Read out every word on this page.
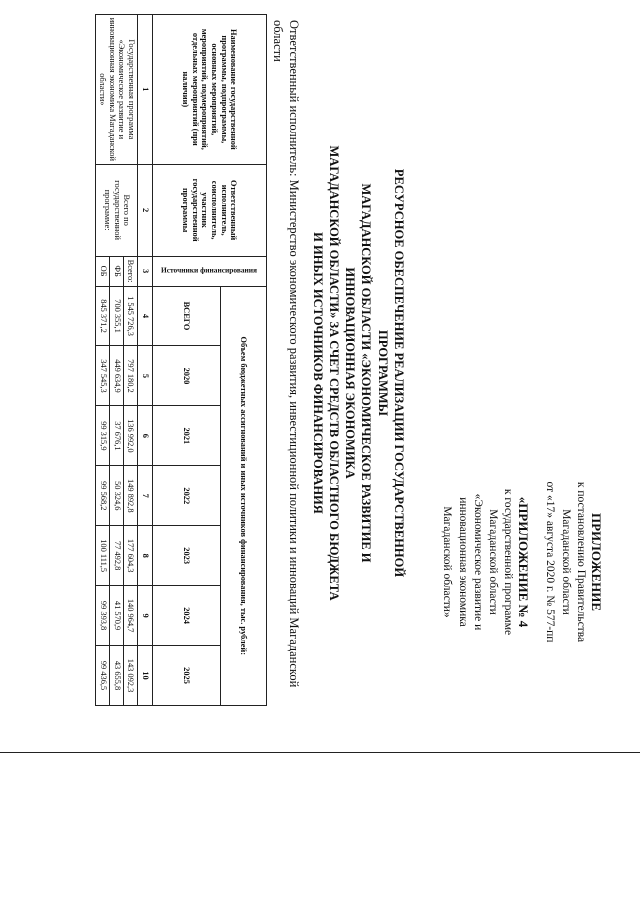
ПРИЛОЖЕНИЕ
к постановлению Правительства
Магаданской области
от «17» августа 2020 г. № 577-пп
«ПРИЛОЖЕНИЕ № 4
к государственной программе
Магаданской области
«Экономическое развитие и
инновационная экономика
Магаданской области»
РЕСУРСНОЕ ОБЕСПЕЧЕНИЕ РЕАЛИЗАЦИИ ГОСУДАРСТВЕННОЙ ПРОГРАММЫ
МАГАДАНСКОЙ ОБЛАСТИ «ЭКОНОМИЧЕСКОЕ РАЗВИТИЕ И ИННОВАЦИОННАЯ ЭКОНОМИКА
МАГАДАНСКОЙ ОБЛАСТИ» ЗА СЧЕТ СРЕДСТВ ОБЛАСТНОГО БЮДЖЕТА
И ИНЫХ ИСТОЧНИКОВ ФИНАНСИРОВАНИЯ
Ответственный исполнитель: Министерство экономического развития, инвестиционной политики и инноваций Магаданской области
Наименование государственной программы, подпрограммы, основных мероприятий, мероприятий, подмероприятий, отдельных мероприятий (при наличии)	Ответственный исполнитель, соисполнитель, участник государственной программы	Источники финансирования	Объем бюджетных ассигнований и иных источников финансирования, тыс. рублей:						
			ВСЕГО	2020	2021	2022	2023	2024	2025
1	2	3	4	5	6	7	8	9	10
Государственная программа «Экономическое развитие и инновационная экономика Магаданской области»	Всего по государственной программе:	Всего:	1 545 726,3	797 180,2	136 992,0	149 892,8	177 604,3	140 964,7	143 092,3
		ФБ	700 355,1	449 634,9	37 676,1	50 324,6	77 492,8	41 570,9	43 655,8
		ОБ	845 371,2	347 545,3	99 315,9	99 568,2	100 111,5	99 393,8	99 436,5
